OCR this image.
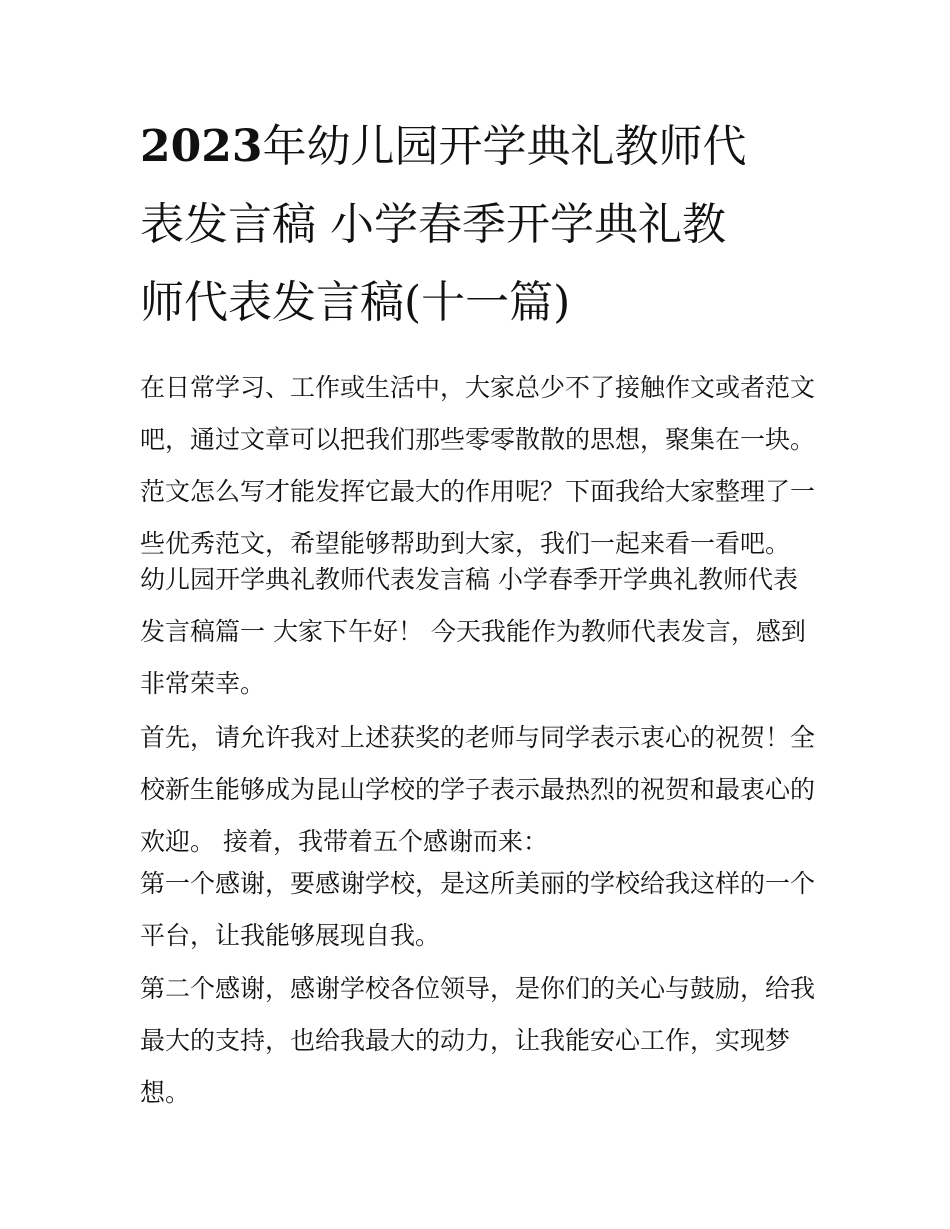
2023年幼儿园开学典礼教师代
表发言稿 小学春季开学典礼教
师代表发言稿(十一篇)

在日常学习、工作或生活中，大家总少不了接触作文或者范文
吧，通过文章可以把我们那些零零散散的思想，聚集在一块。
范文怎么写才能发挥它最大的作用呢？下面我给大家整理了一
些优秀范文，希望能够帮助到大家，我们一起来看一看吧。

幼儿园开学典礼教师代表发言稿 小学春季开学典礼教师代表
发言稿篇一 大家下午好！ 今天我能作为教师代表发言，感到
非常荣幸。

首先，请允许我对上述获奖的老师与同学表示衷心的祝贺！全
校新生能够成为昆山学校的学子表示最热烈的祝贺和最衷心的
欢迎。 接着，我带着五个感谢而来：

第一个感谢，要感谢学校，是这所美丽的学校给我这样的一个
平台，让我能够展现自我。

第二个感谢，感谢学校各位领导，是你们的关心与鼓励，给我
最大的支持，也给我最大的动力，让我能安心工作，实现梦
想。
